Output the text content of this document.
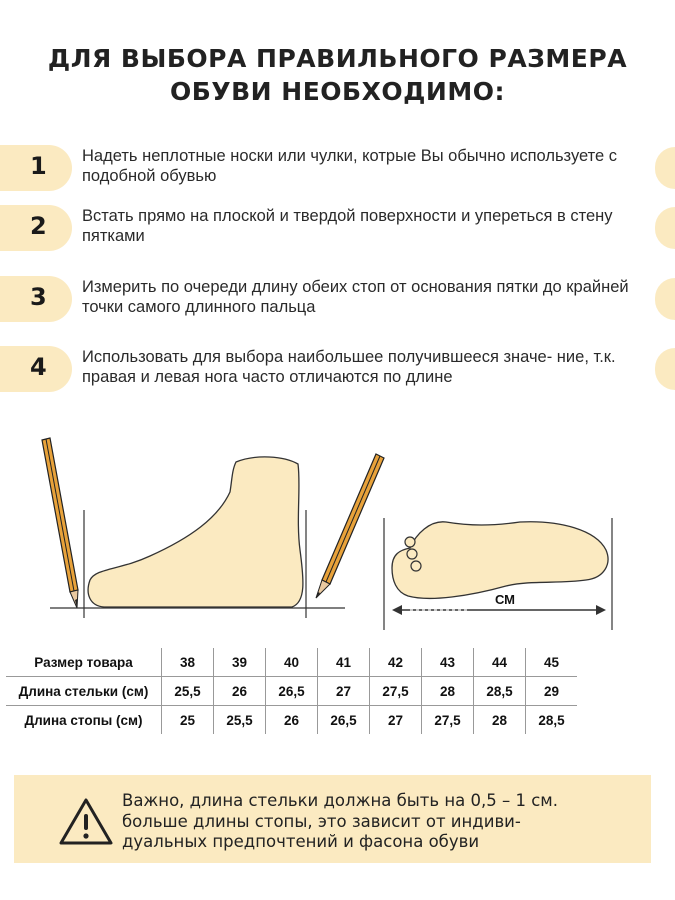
ДЛЯ ВЫБОРА ПРАВИЛЬНОГО РАЗМЕРА
ОБУВИ НЕОБХОДИМО:
1 Надеть неплотные носки или чулки, котрые Вы обычно используете с подобной обувью
2 Встать прямо на плоской и твердой поверхности и упереться в стену пятками
3 Измерить по очереди длину обеих стоп от основания пятки до крайней точки самого длинного пальца
4 Использовать для выбора наибольшее получившееся значе- ние, т.к. правая и левая нога часто отличаются по длине
СМ
Размер товара	38	39	40	41	42	43	44	45
Длина стельки (см)	25,5	26	26,5	27	27,5	28	28,5	29
Длина стопы (см)	25	25,5	26	26,5	27	27,5	28	28,5
Важно, длина стельки должна быть на 0,5 – 1 см.
больше длины стопы, это зависит от индиви-
дуальных предпочтений и фасона обуви
